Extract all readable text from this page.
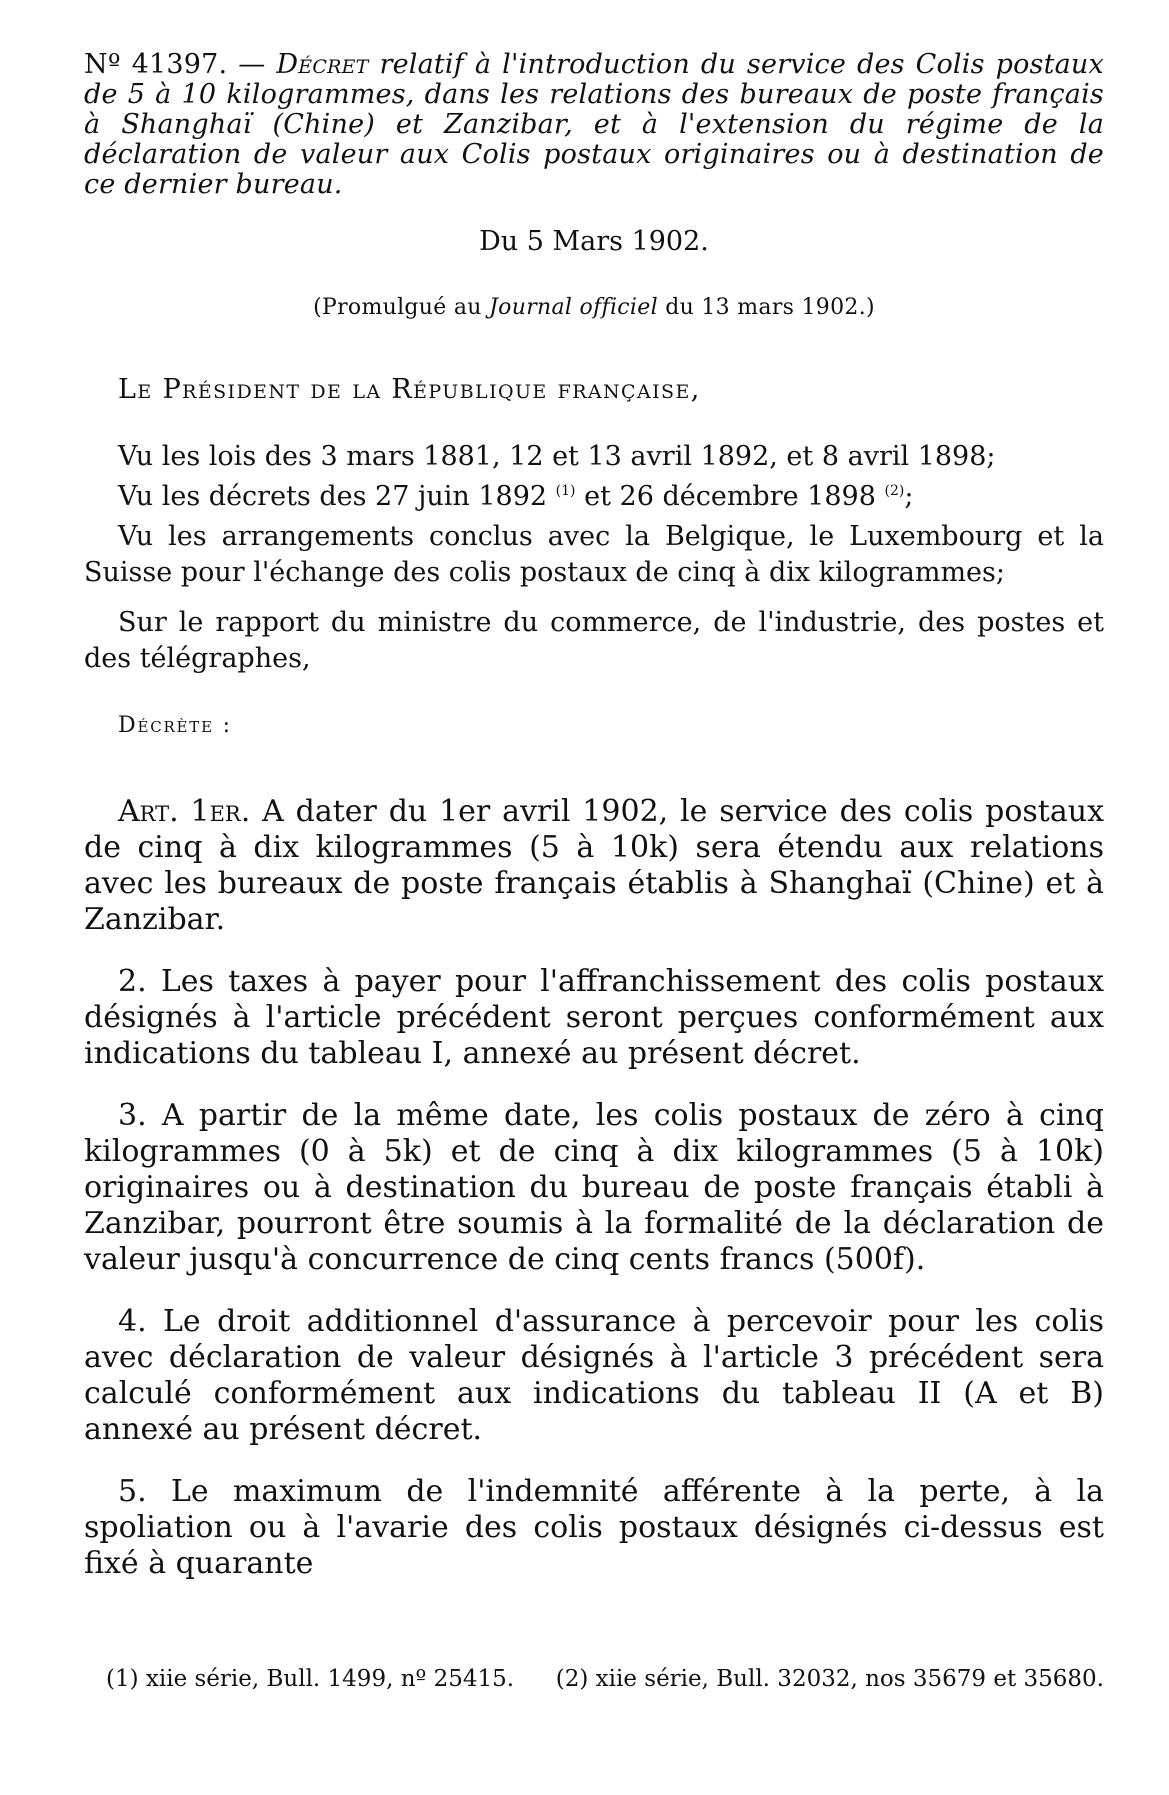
Nº 41397. — Décret relatif à l'introduction du service des Colis postaux de 5 à 10 kilogrammes, dans les relations des bureaux de poste français à Shanghaï (Chine) et Zanzibar, et à l'extension du régime de la déclaration de valeur aux Colis postaux originaires ou à destination de ce dernier bureau.

Du 5 Mars 1902.
(Promulgué au Journal officiel du 13 mars 1902.)
Le Président de la République française,

Vu les lois des 3 mars 1881, 12 et 13 avril 1892, et 8 avril 1898;

Vu les décrets des 27 juin 1892 $^{(1)}$ et 26 décembre 1898 $^{(2)}$;

Vu les arrangements conclus avec la Belgique, le Luxembourg et la Suisse pour l'échange des colis postaux de cinq à dix kilogrammes;

Sur le rapport du ministre du commerce, de l'industrie, des postes et des télégraphes,

Décrète :

Art. 1er. A dater du 1er avril 1902, le service des colis postaux de cinq à dix kilogrammes (5 à 10k) sera étendu aux relations avec les bureaux de poste français établis à Shanghaï (Chine) et à Zanzibar.

2. Les taxes à payer pour l'affranchissement des colis postaux désignés à l'article précédent seront perçues conformément aux indications du tableau I, annexé au présent décret.

3. A partir de la même date, les colis postaux de zéro à cinq kilogrammes (0 à 5k) et de cinq à dix kilogrammes (5 à 10k) originaires ou à destination du bureau de poste français établi à Zanzibar, pourront être soumis à la formalité de la déclaration de valeur jusqu'à concurrence de cinq cents francs (500f).

4. Le droit additionnel d'assurance à percevoir pour les colis avec déclaration de valeur désignés à l'article 3 précédent sera calculé conformément aux indications du tableau II (A et B) annexé au présent décret.

5. Le maximum de l'indemnité afférente à la perte, à la spoliation ou à l'avarie des colis postaux désignés ci-dessus est fixé à quarante

(1) xiie série, Bull. 1499, nº 25415.	(2) xiie série, Bull. 32032, nos 35679 et 35680.
